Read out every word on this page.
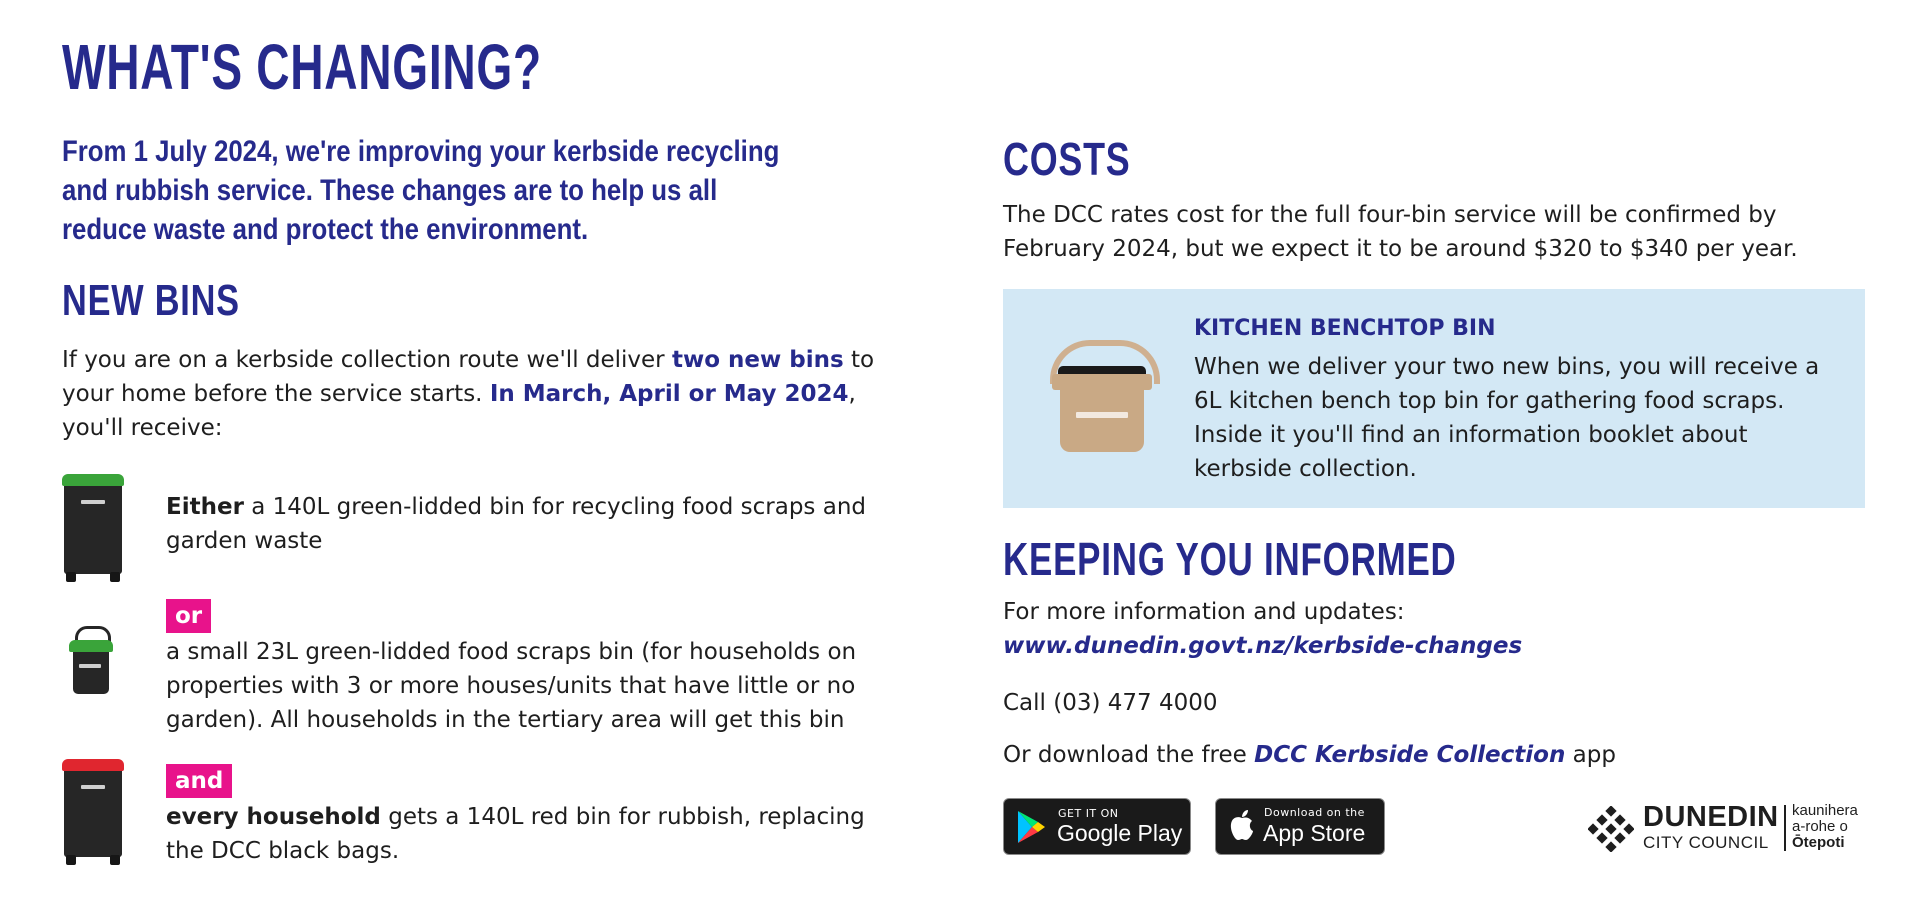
WHAT'S CHANGING?
From 1 July 2024, we're improving your kerbside recycling and rubbish service. These changes are to help us all reduce waste and protect the environment.
NEW BINS
If you are on a kerbside collection route we'll deliver two new bins to your home before the service starts. In March, April or May 2024, you'll receive:
Either a 140L green-lidded bin for recycling food scraps and garden waste
or
a small 23L green-lidded food scraps bin (for households on properties with 3 or more houses/units that have little or no garden). All households in the tertiary area will get this bin
and
every household gets a 140L red bin for rubbish, replacing the DCC black bags.
COSTS
The DCC rates cost for the full four-bin service will be confirmed by February 2024, but we expect it to be around $320 to $340 per year.
KITCHEN BENCHTOP BIN
When we deliver your two new bins, you will receive a 6L kitchen bench top bin for gathering food scraps. Inside it you'll find an information booklet about kerbside collection.
KEEPING YOU INFORMED
For more information and updates:
www.dunedin.govt.nz/kerbside-changes
Call (03) 477 4000
Or download the free DCC Kerbside Collection app
GET IT ON
Google Play
Download on the
App Store	DUNEDIN
CITY COUNCIL
kaunihera
a-rohe o
Ōtepoti
